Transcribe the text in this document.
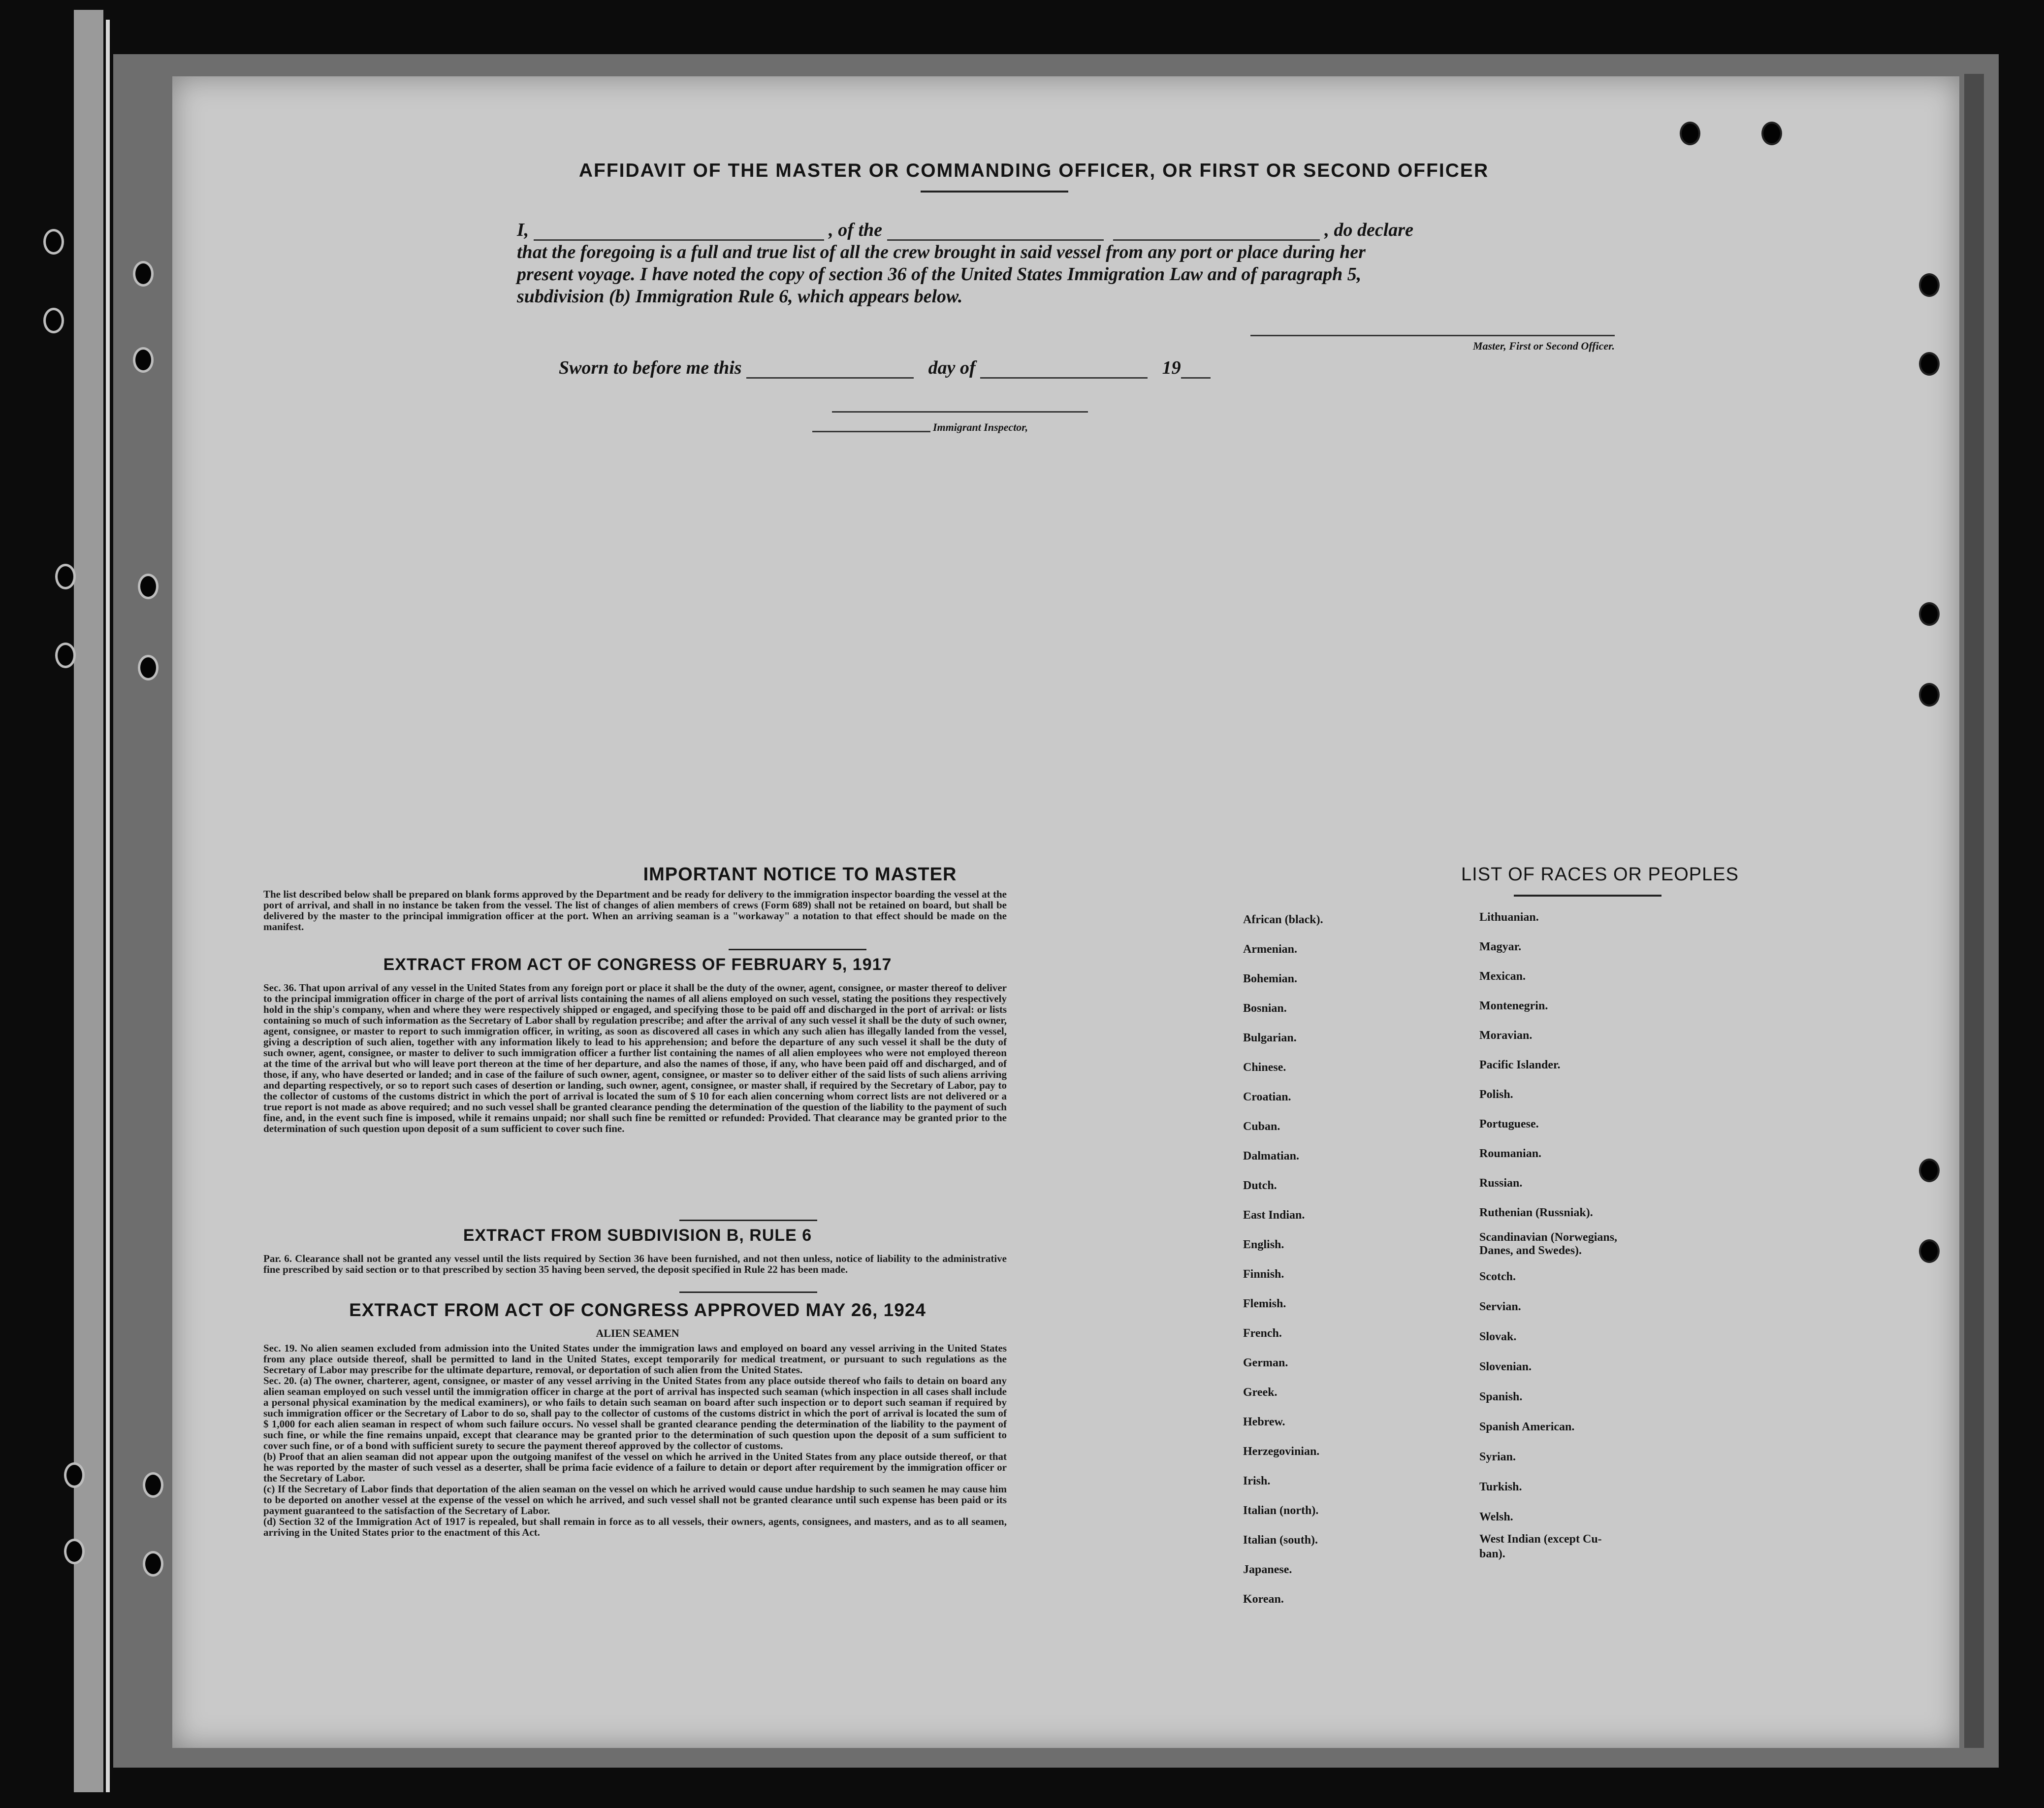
AFFIDAVIT OF THE MASTER OR COMMANDING OFFICER, OR FIRST OR SECOND OFFICER
I,	, of the	, do declare
that the foregoing is a full and true list of all the crew brought in said vessel from any port or place during her
present voyage. I have noted the copy of section 36 of the United States Immigration Law and of paragraph 5,
subdivision (b) Immigration Rule 6, which appears below.
Master, First or Second Officer.
Sworn to before me this	day of	19
Immigrant Inspector,
IMPORTANT NOTICE TO MASTER
The list described below shall be prepared on blank forms approved by the Department and be ready for delivery to the immigration inspector boarding the vessel at the port of arrival, and shall in no instance be taken from the vessel. The list of changes of alien members of crews (Form 689) shall not be retained on board, but shall be delivered by the master to the principal immigration officer at the port. When an arriving seaman is a "workaway" a notation to that effect should be made on the manifest.
EXTRACT FROM ACT OF CONGRESS OF FEBRUARY 5, 1917
Sec. 36. That upon arrival of any vessel in the United States from any foreign port or place it shall be the duty of the owner, agent, consignee, or master thereof to deliver to the principal immigration officer in charge of the port of arrival lists containing the names of all aliens employed on such vessel, stating the positions they respectively hold in the ship's company, when and where they were respectively shipped or engaged, and specifying those to be paid off and discharged in the port of arrival: or lists containing so much of such information as the Secretary of Labor shall by regulation prescribe; and after the arrival of any such vessel it shall be the duty of such owner, agent, consignee, or master to report to such immigration officer, in writing, as soon as discovered all cases in which any such alien has illegally landed from the vessel, giving a description of such alien, together with any information likely to lead to his apprehension; and before the departure of any such vessel it shall be the duty of such owner, agent, consignee, or master to deliver to such immigration officer a further list containing the names of all alien employees who were not employed thereon at the time of the arrival but who will leave port thereon at the time of her departure, and also the names of those, if any, who have been paid off and discharged, and of those, if any, who have deserted or landed; and in case of the failure of such owner, agent, consignee, or master so to deliver either of the said lists of such aliens arriving and departing respectively, or so to report such cases of desertion or landing, such owner, agent, consignee, or master shall, if required by the Secretary of Labor, pay to the collector of customs of the customs district in which the port of arrival is located the sum of $ 10 for each alien concerning whom correct lists are not delivered or a true report is not made as above required; and no such vessel shall be granted clearance pending the determination of the question of the liability to the payment of such fine, and, in the event such fine is imposed, while it remains unpaid; nor shall such fine be remitted or refunded: Provided. That clearance may be granted prior to the determination of such question upon deposit of a sum sufficient to cover such fine.
EXTRACT FROM SUBDIVISION B, RULE 6
Par. 6. Clearance shall not be granted any vessel until the lists required by Section 36 have been furnished, and not then unless, notice of liability to the administrative fine prescribed by said section or to that prescribed by section 35 having been served, the deposit specified in Rule 22 has been made.
EXTRACT FROM ACT OF CONGRESS APPROVED MAY 26, 1924
ALIEN SEAMEN

Sec. 19. No alien seamen excluded from admission into the United States under the immigration laws and employed on board any vessel arriving in the United States from any place outside thereof, shall be permitted to land in the United States, except temporarily for medical treatment, or pursuant to such regulations as the Secretary of Labor may prescribe for the ultimate departure, removal, or deportation of such alien from the United States.

Sec. 20. (a) The owner, charterer, agent, consignee, or master of any vessel arriving in the United States from any place outside thereof who fails to detain on board any alien seaman employed on such vessel until the immigration officer in charge at the port of arrival has inspected such seaman (which inspection in all cases shall include a personal physical examination by the medical examiners), or who fails to detain such seaman on board after such inspection or to deport such seaman if required by such immigration officer or the Secretary of Labor to do so, shall pay to the collector of customs of the customs district in which the port of arrival is located the sum of $ 1,000 for each alien seaman in respect of whom such failure occurs. No vessel shall be granted clearance pending the determination of the liability to the payment of such fine, or while the fine remains unpaid, except that clearance may be granted prior to the determination of such question upon the deposit of a sum sufficient to cover such fine, or of a bond with sufficient surety to secure the payment thereof approved by the collector of customs.

(b) Proof that an alien seaman did not appear upon the outgoing manifest of the vessel on which he arrived in the United States from any place outside thereof, or that he was reported by the master of such vessel as a deserter, shall be prima facie evidence of a failure to detain or deport after requirement by the immigration officer or the Secretary of Labor.

(c) If the Secretary of Labor finds that deportation of the alien seaman on the vessel on which he arrived would cause undue hardship to such seamen he may cause him to be deported on another vessel at the expense of the vessel on which he arrived, and such vessel shall not be granted clearance until such expense has been paid or its payment guaranteed to the satisfaction of the Secretary of Labor.

(d) Section 32 of the Immigration Act of 1917 is repealed, but shall remain in force as to all vessels, their owners, agents, consignees, and masters, and as to all seamen, arriving in the United States prior to the enactment of this Act.

LIST OF RACES OR PEOPLES
African (black).
Armenian.
Bohemian.
Bosnian.
Bulgarian.
Chinese.
Croatian.
Cuban.
Dalmatian.
Dutch.
East Indian.
English.
Finnish.
Flemish.
French.
German.
Greek.
Hebrew.
Herzegovinian.
Irish.
Italian (north).
Italian (south).
Japanese.
Korean.
Lithuanian.
Magyar.
Mexican.
Montenegrin.
Moravian.
Pacific Islander.
Polish.
Portuguese.
Roumanian.
Russian.
Ruthenian (Russniak).
Scandinavian (Norwegians,
Danes, and Swedes).
Scotch.
Servian.
Slovak.
Slovenian.
Spanish.
Spanish American.
Syrian.
Turkish.
Welsh.
West Indian (except Cu-
ban).
